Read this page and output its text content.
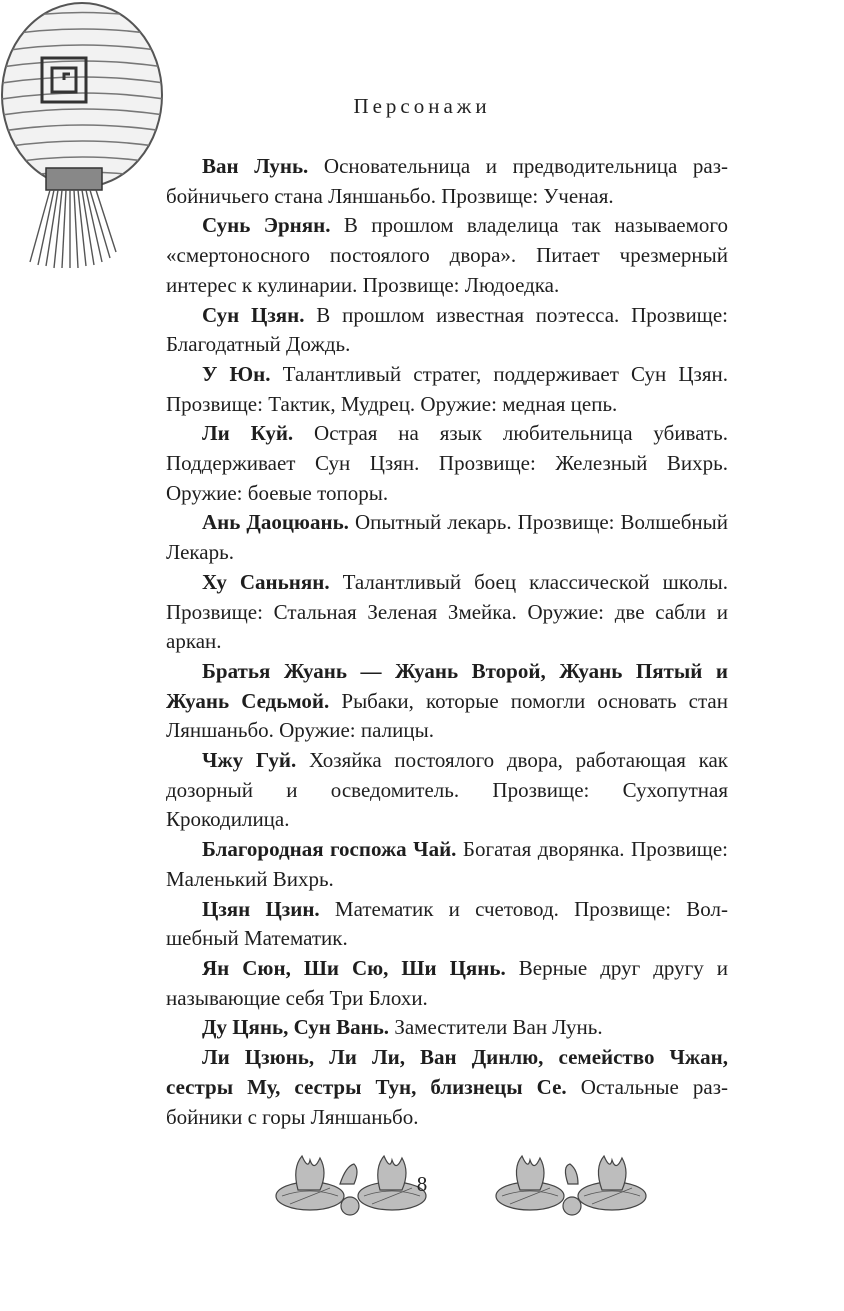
Персонажи

Ван Лунь. Основательница и предводительница разбойничьего стана Ляншаньбо. Прозвище: Ученая.

Сунь Эрнян. В прошлом владелица так называемого «смертоносного постоялого двора». Питает чрезмерный интерес к кулинарии. Прозвище: Людоедка.

Сун Цзян. В прошлом известная поэтесса. Прозвище: Благодатный Дождь.

У Юн. Талантливый стратег, поддерживает Сун Цзян. Прозвище: Тактик, Мудрец. Оружие: медная цепь.

Ли Куй. Острая на язык любительница убивать. Поддерживает Сун Цзян. Прозвище: Железный Вихрь. Оружие: боевые топоры.

Ань Даоцюань. Опытный лекарь. Прозвище: Волшебный Лекарь.

Ху Саньнян. Талантливый боец классической школы. Прозвище: Стальная Зеленая Змейка. Оружие: две сабли и аркан.

Братья Жуань — Жуань Второй, Жуань Пятый и Жуань Седьмой. Рыбаки, которые помогли основать стан Ляншаньбо. Оружие: палицы.

Чжу Гуй. Хозяйка постоялого двора, работающая как дозорный и осведомитель. Прозвище: Сухопутная Крокодилица.

Благородная госпожа Чай. Богатая дворянка. Прозвище: Маленький Вихрь.

Цзян Цзин. Математик и счетовод. Прозвище: Волшебный Математик.

Ян Сюн, Ши Сю, Ши Цянь. Верные друг другу и называющие себя Три Блохи.

Ду Цянь, Сун Вань. Заместители Ван Лунь.

Ли Цзюнь, Ли Ли, Ван Динлю, семейство Чжан, сестры Му, сестры Тун, близнецы Се. Остальные разбойники с горы Ляншаньбо.

8
